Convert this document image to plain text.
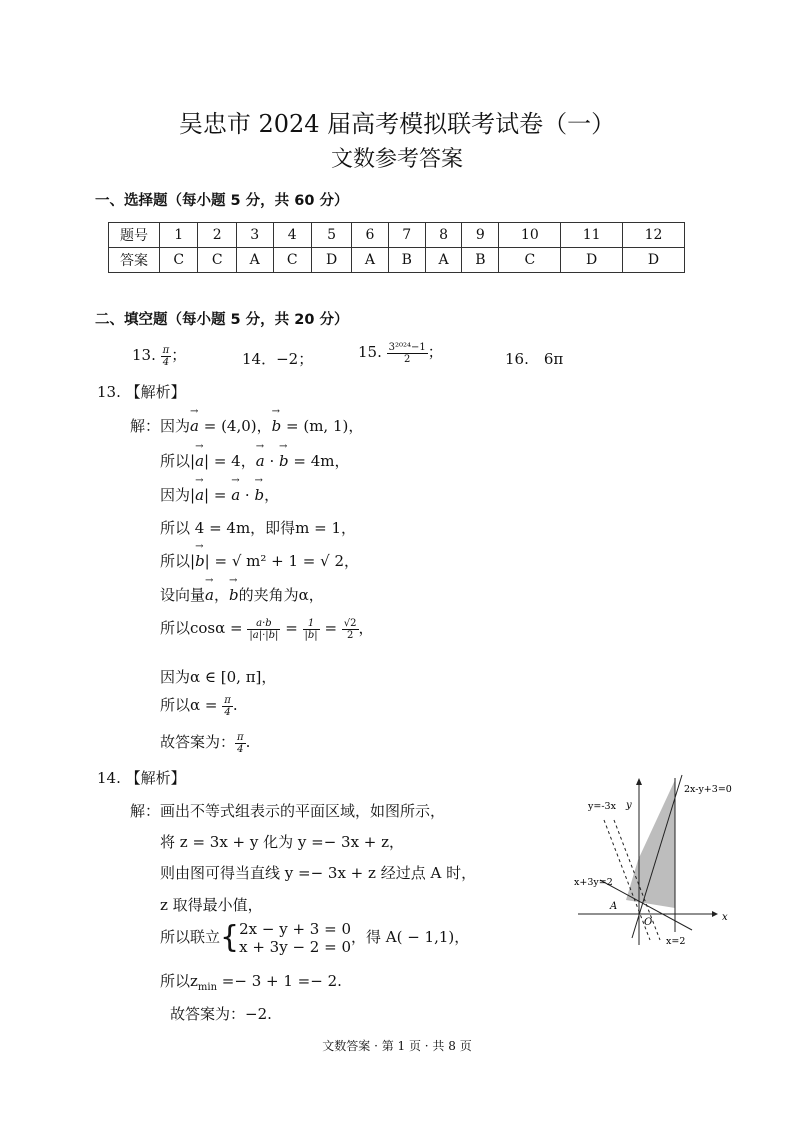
吴忠市 2024 届高考模拟联考试卷（一）
文数参考答案
一、选择题（每小题 5 分，共 60 分）
题号	1	2	3	4	5	6	7	8	9	10	11	12
答案	C	C	A	C	D	A	B	A	B	C	D	D
二、填空题（每小题 5 分，共 20 分）
13. $\frac{\pi}{4}$ ；	14．−2；	15. $\frac{\text{3²⁰²⁴−1}}{2}$ ；	16.　6π
13. 【解析】
解：因为→ a = (4,0)，→ b = (m, 1)，
所以|→ a| = 4，→ a · → b = 4m，
因为|→ a| = → a · → b，
所以 4 = 4m，即得m = 1，
所以|→ b| = √ m² + 1 = √ 2，
设向量→ a，→ b的夹角为α，
所以$\cos\alpha = \frac{a\cdot b}{|a|\cdot|b|} = \frac{1}{|b|} = \frac{√2}{2}$ ，
因为α ∈ [0, π]，
所以$\alpha = \frac{\pi}{4}$ .
故答案为： $\frac{\pi}{4}$ .
14. 【解析】
解：画出不等式组表示的平面区域，如图所示，
将 z = 3x + y 化为 y =− 3x + z，
则由图可得当直线 y =− 3x + z 经过点 A 时，
z 取得最小值，
所以联立{ 2x − y + 3 = 0
x + 3y − 2 = 0
，得 A( − 1,1)，
所以$z_{min} =- 3 + 1 =- 2$.
故答案为：−2.
y
x
2x-y+3=0
y=-3x
x+3y=2
A
O
x=2
文数答案 · 第 1 页 · 共 8 页
